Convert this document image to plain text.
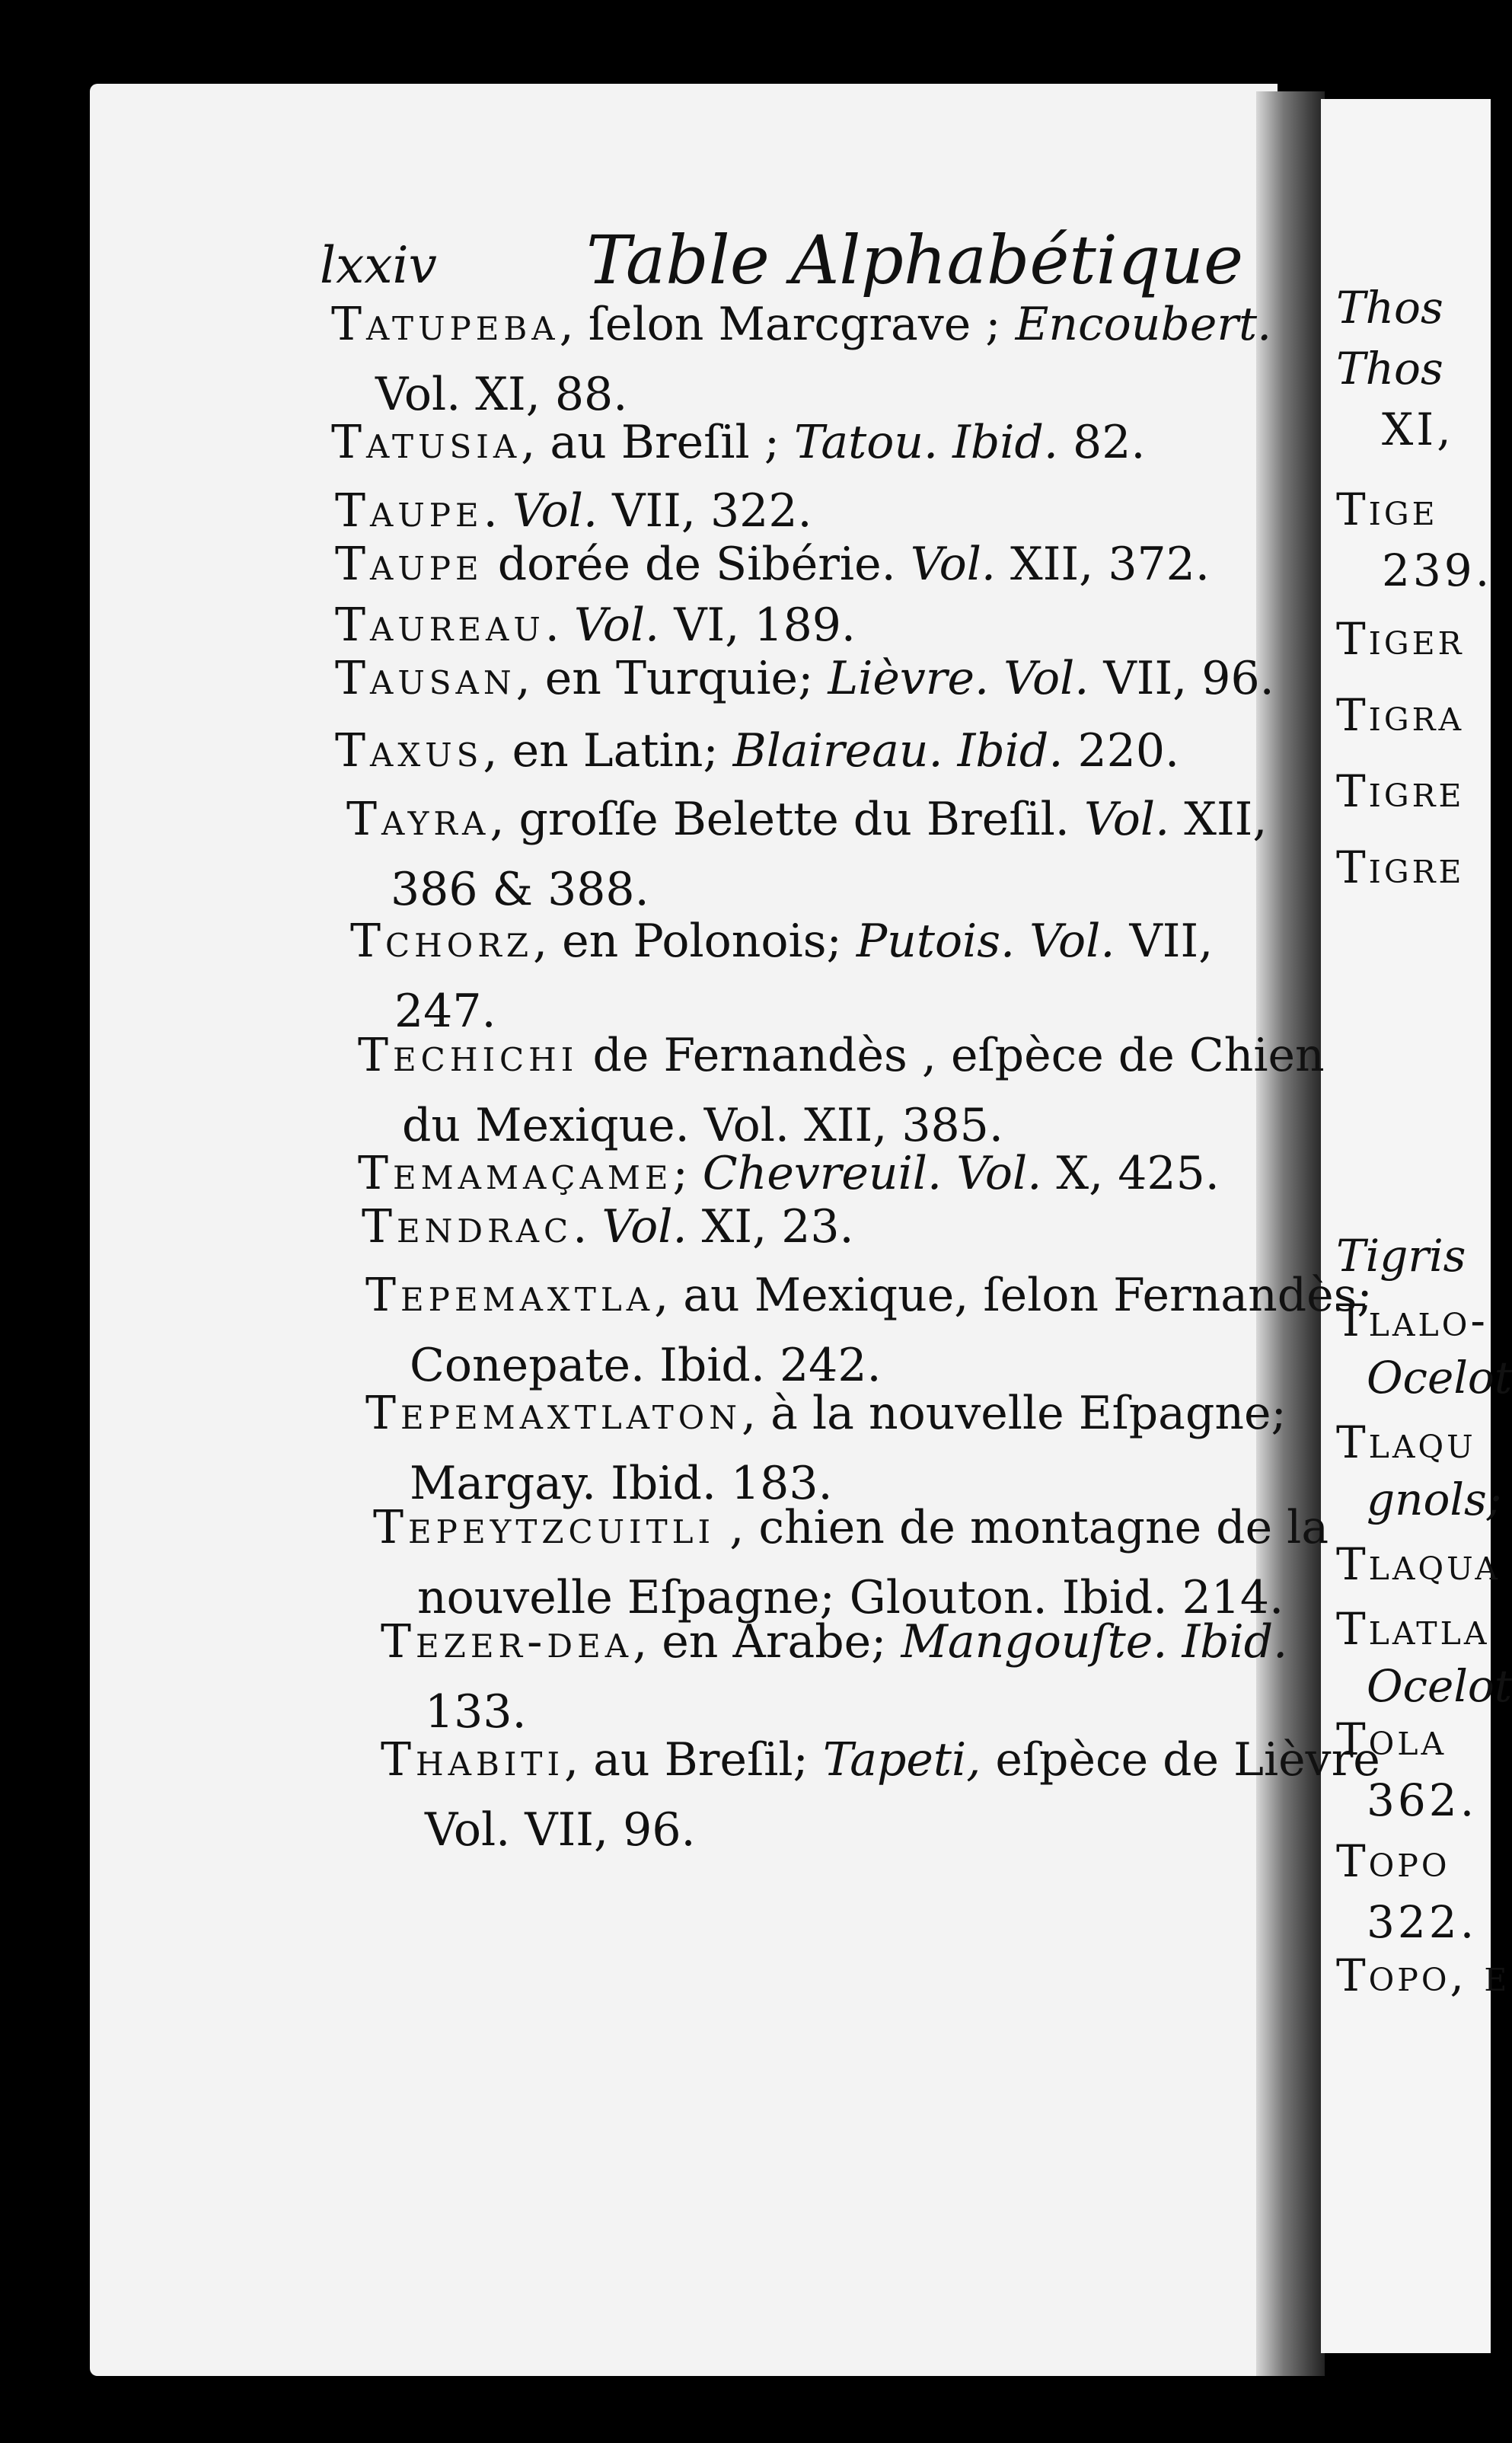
Thos
Thos
XI,
Tige
239.
Tiger
Tigra
Tigre
Tigre
Tigris
Tlalo-
Ocelot
Tlaqu
gnols;
Tlaqua
Tlatla
Ocelot
Tola
362.
Topo
322.
Topo, e
lxxiv Table Alphabétique
Tatupeba, ſelon Marcgrave ; Encoubert.
Vol. XI, 88.
Tatusia, au Breſil ; Tatou. Ibid. 82.
Taupe. Vol. VII, 322.
Taupe dorée de Sibérie. Vol. XII, 372.
Taureau. Vol. VI, 189.
Tausan, en Turquie; Lièvre. Vol. VII, 96.
Taxus, en Latin; Blaireau. Ibid. 220.
Tayra, groſſe Belette du Breſil. Vol. XII,
386 & 388.
Tchorz, en Polonois; Putois. Vol. VII,
247.
Techichi de Fernandès , eſpèce de Chien
du Mexique. Vol. XII, 385.
Temamaçame; Chevreuil. Vol. X, 425.
Tendrac. Vol. XI, 23.
Tepemaxtla, au Mexique, ſelon Fernandès;
Conepate. Ibid. 242.
Tepemaxtlaton, à la nouvelle Eſpagne;
Margay. Ibid. 183.
Tepeytzcuitli , chien de montagne de la
nouvelle Eſpagne; Glouton. Ibid. 214.
Tezer-dea, en Arabe; Mangouſte. Ibid.
133.
Thabiti, au Breſil; Tapeti, eſpèce de Lièvre
Vol. VII, 96.
